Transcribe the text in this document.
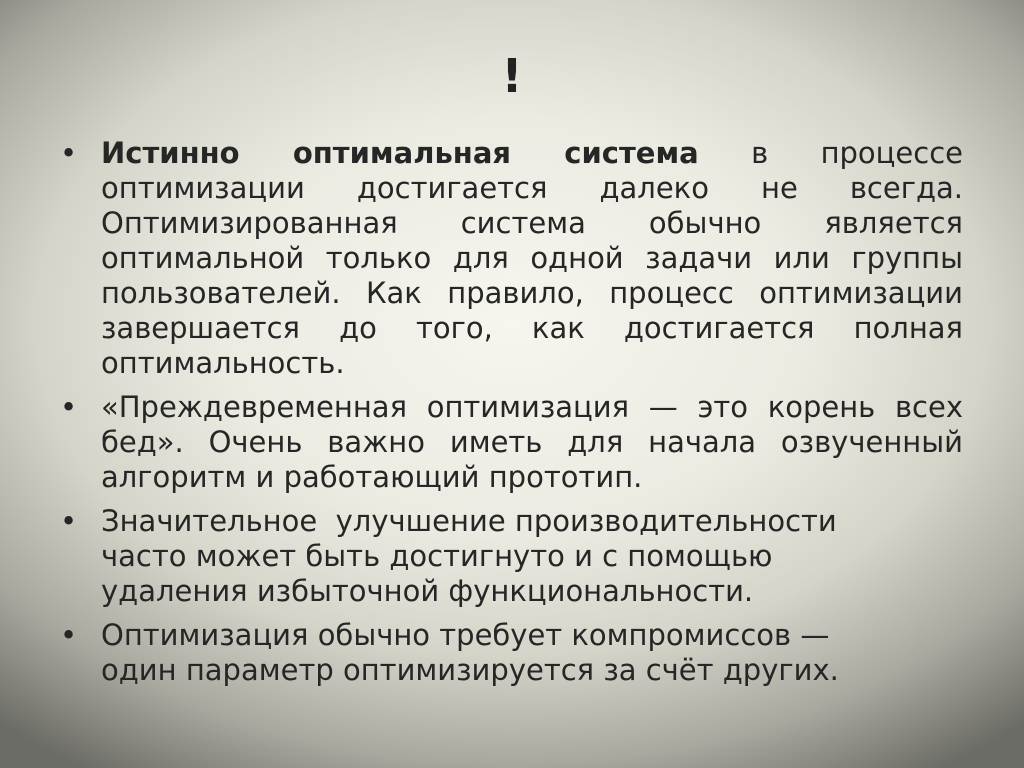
!
• Истинно оптимальная система в процессе оптимизации достигается далеко не всегда. Оптимизированная система обычно является оптимальной только для одной задачи или группы пользователей. Как правило, процесс оптимизации завершается до того, как достигается полная оптимальность.
• «Преждевременная оптимизация — это корень всех бед». Очень важно иметь для начала озвученный алгоритм и работающий прототип.
• Значительное  улучшение производительности часто может быть достигнуто и с помощью удаления избыточной функциональности.
• Оптимизация обычно требует компромиссов — один параметр оптимизируется за счёт других.
